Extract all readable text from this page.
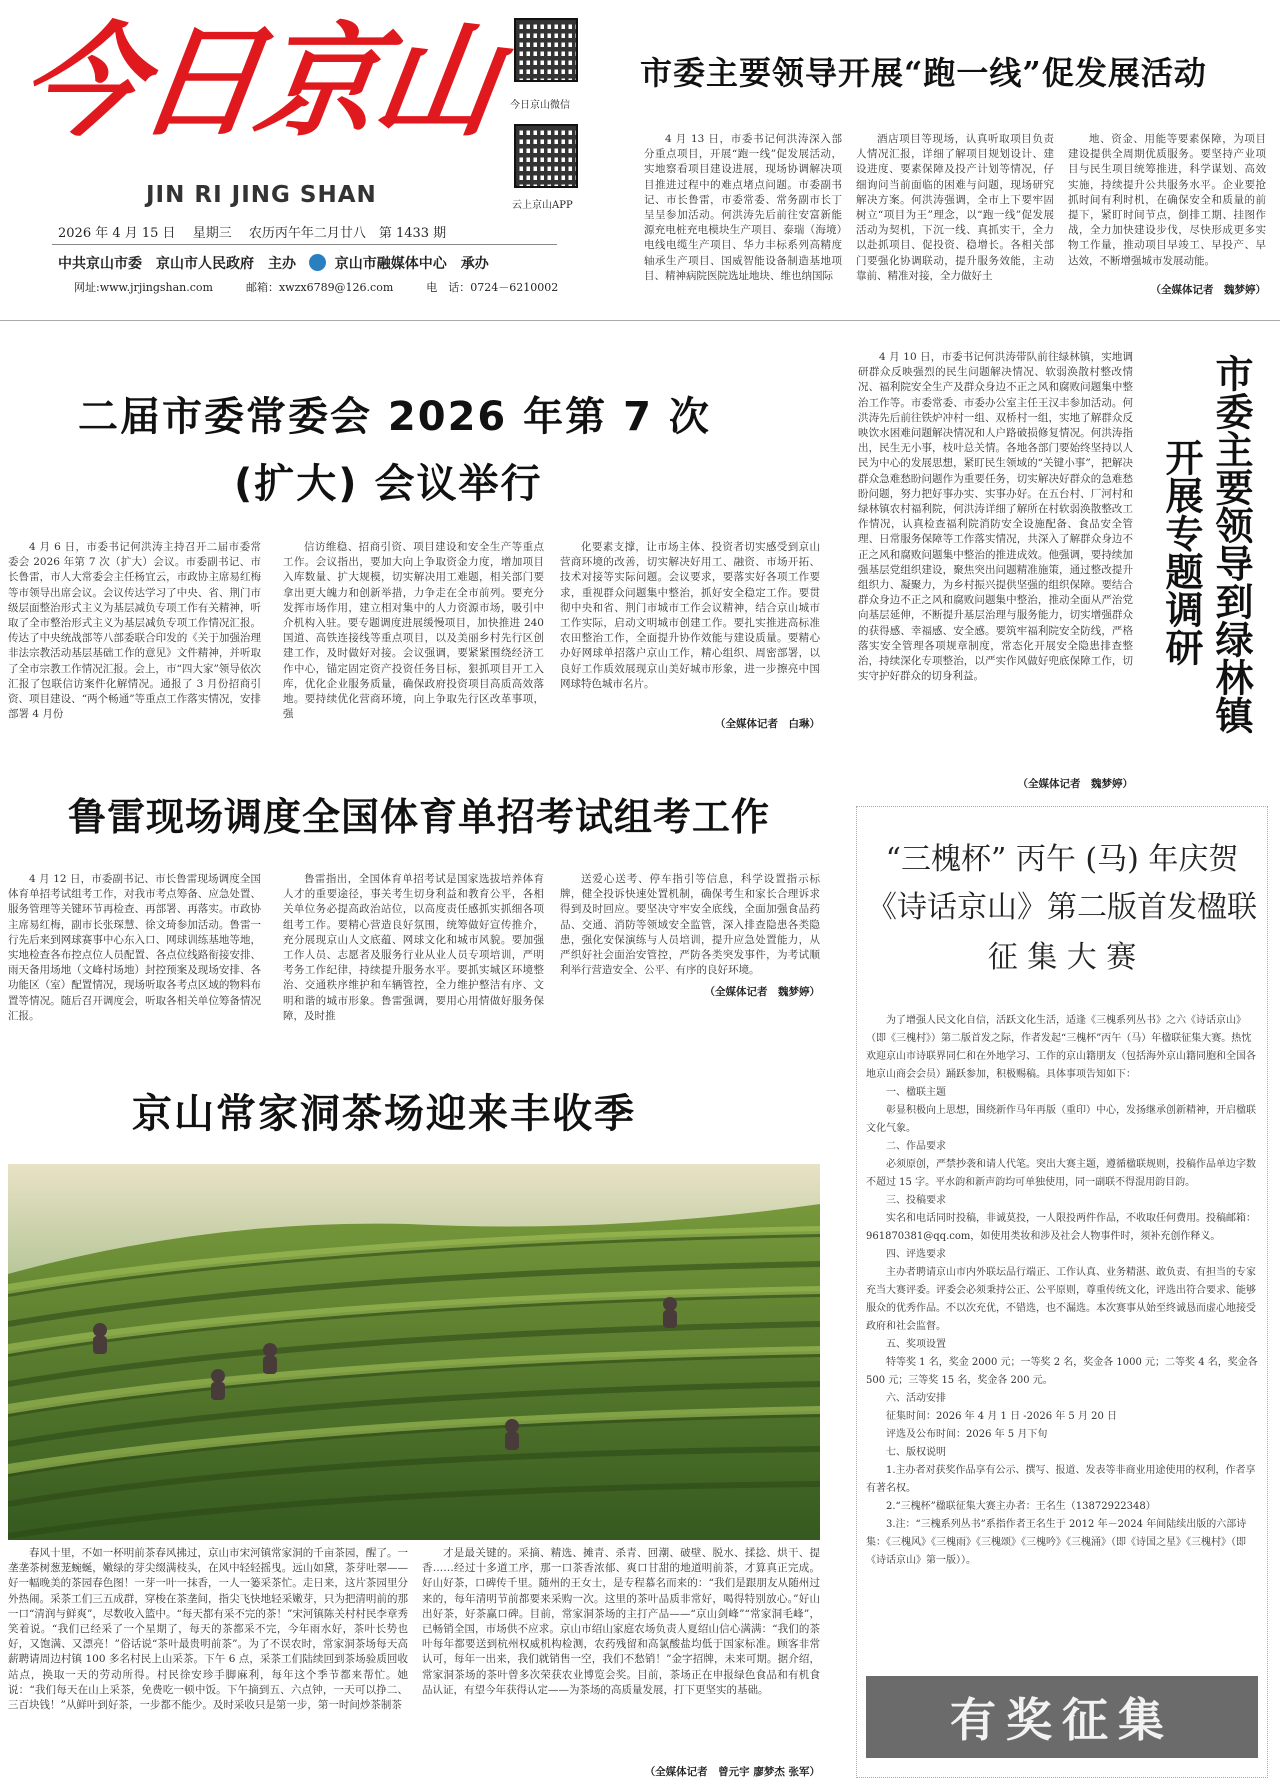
今日京山
JIN RI JING SHAN
2026 年 4 月 15 日　 星期三　 农历丙午年二月廿八　第 1433 期
中共京山市委　京山市人民政府　主办	京山市融媒体中心　承办
网址:www.jrjingshan.com　　　邮箱：xwzx6789@126.com　　　电　话：0724－6210002
今日京山微信
云上京山APP
市委主要领导开展“跑一线”促发展活动

4 月 13 日，市委书记何洪涛深入部分重点项目，开展“跑一线”促发展活动，实地察看项目建设进展，现场协调解决项目推进过程中的难点堵点问题。市委副书记、市长鲁雷，市委常委、常务副市长丁呈呈参加活动。何洪涛先后前往安富新能源充电桩充电模块生产项目、泰瑞（海境）电线电缆生产项目、华力丰标系列高精度轴承生产项目、国威智能设备制造基地项目、精神病院医院选址地块、维也纳国际

酒店项目等现场，认真听取项目负责人情况汇报，详细了解项目规划设计、建设进度、要素保障及投产计划等情况，仔细询问当前面临的困难与问题，现场研究解决方案。何洪涛强调，全市上下要牢固树立“项目为王”理念，以“跑一线”促发展活动为契机，下沉一线、真抓实干，全力以赴抓项目、促投资、稳增长。各相关部门要强化协调联动，提升服务效能，主动靠前、精准对接，全力做好土

地、资金、用能等要素保障，为项目建设提供全周期优质服务。要坚持产业项目与民生项目统筹推进，科学谋划、高效实施，持续提升公共服务水平。企业要抢抓时间有利时机，在确保安全和质量的前提下，紧盯时间节点，倒排工期、挂图作战，全力加快建设步伐，尽快形成更多实物工作量，推动项目早竣工、早投产、早达效，不断增强城市发展动能。

（全媒体记者　魏梦婷）
二届市委常委会 2026 年第 7 次
(扩大) 会议举行

4 月 6 日，市委书记何洪涛主持召开二届市委常委会 2026 年第 7 次（扩大）会议。市委副书记、市长鲁雷，市人大常委会主任杨宜云，市政协主席易红梅等市领导出席会议。会议传达学习了中央、省、荆门市级层面整治形式主义为基层减负专项工作有关精神，听取了全市整治形式主义为基层减负专项工作情况汇报。传达了中央统战部等八部委联合印发的《关于加强治理非法宗教活动基层基础工作的意见》文件精神，并听取了全市宗教工作情况汇报。会上，市“四大家”领导依次汇报了包联信访案件化解情况。通报了 3 月份招商引资、项目建设、“两个畅通”等重点工作落实情况，安排部署 4 月份

信访维稳、招商引资、项目建设和安全生产等重点工作。会议指出，要加大向上争取资金力度，增加项目入库数量、扩大规模，切实解决用工难题，相关部门要拿出更大魄力和创新举措，力争走在全市前列。要充分发挥市场作用，建立相对集中的人力资源市场，吸引中介机构入驻。要专题调度进展缓慢项目，加快推进 240 国道、高铁连接线等重点项目，以及美丽乡村先行区创建工作，及时做好对接。会议强调，要紧紧围绕经济工作中心，锚定固定资产投资任务目标，狠抓项目开工入库，优化企业服务质量，确保政府投资项目高质高效落地。要持续优化营商环境，向上争取先行区改革事项，强

化要素支撑，让市场主体、投资者切实感受到京山营商环境的改善，切实解决好用工、融资、市场开拓、技术对接等实际问题。会议要求，要落实好各项工作要求，重视群众问题集中整治，抓好安全稳定工作。要贯彻中央和省、荆门市城市工作会议精神，结合京山城市工作实际，启动文明城市创建工作。要扎实推进高标准农田整治工作，全面提升协作效能与建设质量。要精心办好网球单招落户京山工作，精心组织、周密部署，以良好工作质效展现京山美好城市形象，进一步擦亮中国网球特色城市名片。

（全媒体记者　白琳）

4 月 10 日，市委书记何洪涛带队前往绿林镇，实地调研群众反映强烈的民生问题解决情况、软弱涣散村整改情况、福利院安全生产及群众身边不正之风和腐败问题集中整治工作等。市委常委、市委办公室主任王汉丰参加活动。何洪涛先后前往铁炉冲村一组、双桥村一组，实地了解群众反映饮水困难问题解决情况和人户路破损修复情况。何洪涛指出，民生无小事，枝叶总关情。各地各部门要始终坚持以人民为中心的发展思想，紧盯民生领域的“关键小事”，把解决群众急难愁盼问题作为重要任务，切实解决好群众的急难愁盼问题，努力把好事办实、实事办好。在五台村、厂河村和绿林镇农村福利院，何洪涛详细了解所在村软弱涣散整改工作情况，认真检查福利院消防安全设施配备、食品安全管理、日常服务保障等工作落实情况，共深入了解群众身边不正之风和腐败问题集中整治的推进成效。他强调，要持续加强基层党组织建设，聚焦突出问题精准施策，通过整改提升组织力、凝聚力，为乡村振兴提供坚强的组织保障。要结合群众身边不正之风和腐败问题集中整治，推动全面从严治党向基层延伸，不断提升基层治理与服务能力，切实增强群众的获得感、幸福感、安全感。要筑牢福利院安全防线，严格落实安全管理各项规章制度，常态化开展安全隐患排查整治，持续深化专项整治，以严实作风做好兜底保障工作，切实守护好群众的切身利益。

（全媒体记者　魏梦婷）
市委主要领导到绿林镇
开展专题调研
鲁雷现场调度全国体育单招考试组考工作

4 月 12 日，市委副书记、市长鲁雷现场调度全国体育单招考试组考工作，对我市考点筹备、应急处置、服务管理等关键环节再检查、再部署、再落实。市政协主席易红梅，副市长张琛慧、徐文琦参加活动。鲁雷一行先后来到网球赛事中心东入口、网球训练基地等地，实地检查各布控点位人员配置、各点位线路衔接安排、雨天备用场地（文峰村场地）封控预案及现场安排、各功能区（室）配置情况，现场听取各考点区域的物料布置等情况。随后召开调度会，听取各相关单位筹备情况汇报。

鲁雷指出，全国体育单招考试是国家选拔培养体育人才的重要途径，事关考生切身利益和教育公平，各相关单位务必提高政治站位，以高度责任感抓实抓细各项组考工作。要精心营造良好氛围，统筹做好宣传推介，充分展现京山人文底蕴、网球文化和城市风貌。要加强工作人员、志愿者及服务行业从业人员专项培训，严明考务工作纪律，持续提升服务水平。要抓实城区环境整治、交通秩序维护和车辆管控，全力维护整洁有序、文明和谐的城市形象。鲁雷强调，要用心用情做好服务保障，及时推

送爱心送考、停车指引等信息，科学设置指示标牌，健全投诉快速处置机制，确保考生和家长合理诉求得到及时回应。要坚决守牢安全底线，全面加强食品药品、交通、消防等领域安全监管，深入排查隐患各类隐患，强化安保演练与人员培训，提升应急处置能力，从严织好社会面治安管控，严防各类突发事件，为考试顺利举行营造安全、公平、有序的良好环境。

（全媒体记者　魏梦婷）
京山常家洞茶场迎来丰收季

春风十里，不如一杯明前茶春风拂过，京山市宋河镇常家洞的千亩茶园，醒了。一垄垄茶树葱茏蜿蜒，嫩绿的芽尖缀满枝头，在风中轻轻摇曳。远山如黛，茶芽吐翠——好一幅晚美的茶园春色图！一芽一叶一抹香，一人一篓采茶忙。走日来，这片茶园里分外热闹。采茶工们三五成群，穿梭在茶垄间，指尖飞快地轻采嫩芽，只为把清明前的那一口“清润与鲜爽”，尽数收入篮中。“每天都有采不完的茶！”宋河镇陈关村村民李章秀笑着说。“我们已经采了一个星期了，每天的茶都采不完，今年雨水好，茶叶长势也好，又饱满、又漂亮！”俗话说“茶叶最贵明前茶”。为了不误农时，常家洞茶场每天高薪聘请周边村镇 100 多名村民上山采茶。下午 6 点，采茶工们陆续回到茶场验质回收站点，换取一天的劳动所得。村民徐安珍手脚麻利，每年这个季节都来帮忙。她说：“我们每天在山上采茶，免费吃一顿中饭。下午摘到五、六点钟，一天可以挣二、三百块钱！”从鲜叶到好茶，一步都不能少。及时采收只是第一步，第一时间炒茶制茶

才是最关键的。采摘、精选、摊青、杀青、回潮、破壁、脱水、揉捻、烘干、提香……经过十多道工序，那一口茶香浓郁、爽口甘甜的地道明前茶，才算真正完成。好山好茶，口碑传千里。随州的王女士，是专程慕名而来的：“我们是跟朋友从随州过来的，每年清明节前都要来采购一次。这里的茶叶品质非常好，喝得特别放心。”好山出好茶，好茶赢口碑。目前，常家洞茶场的主打产品——“京山剑峰”“常家洞毛峰”，已畅销全国，市场供不应求。京山市绍山家庭农场负责人夏绍山信心满满：“我们的茶叶每年都要送到杭州权威机构检测，农药残留和高氯酸盐均低于国家标准。顾客非常认可，每年一出来，我们就销售一空，我们不愁销！”金字招牌，未来可期。据介绍，常家洞茶场的茶叶曾多次荣获农业博览会奖。目前，茶场正在申报绿色食品和有机食品认证，有望今年获得认定——为茶场的高质量发展，打下更坚实的基础。

（全媒体记者　曾元宇 廖梦杰 张军）
“三槐杯” 丙午 (马) 年庆贺
《诗话京山》第二版首发楹联
征 集 大 赛

为了增强人民文化自信，活跃文化生活，适逢《三槐系列丛书》之六《诗话京山》（即《三槐村》）第二版首发之际，作者发起“三槐杯”丙午（马）年楹联征集大赛。热忱欢迎京山市诗联界同仁和在外地学习、工作的京山籍朋友（包括海外京山籍同胞和全国各地京山商会会员）踊跃参加，积极赐稿。具体事项告知如下：

一、楹联主题

彰显积极向上思想，围绕新作马年再版（重印）中心，发扬继承创新精神，开启楹联文化气象。

二、作品要求

必须原创，严禁抄袭和请人代笔。突出大赛主题，遵循楹联规则，投稿作品单边字数不超过 15 字。平水韵和新声韵均可单独使用，同一副联不得混用韵目韵。

三、投稿要求

实名和电话同时投稿，非诚莫投，一人限投两件作品，不收取任何费用。投稿邮箱：961870381@qq.com，如使用类妆和涉及社会人物事件时，须补充创作释义。

四、评选要求

主办者聘请京山市内外联坛品行端正、工作认真、业务精湛、敢负责、有担当的专家充当大赛评委。评委会必须秉持公正、公平原则，尊重传统文化，评选出符合要求、能够服众的优秀作品。不以次充优，不错选，也不漏选。本次赛事从始至终诚恳而虚心地接受政府和社会监督。

五、奖项设置

特等奖 1 名，奖金 2000 元；一等奖 2 名，奖金各 1000 元；二等奖 4 名，奖金各 500 元；三等奖 15 名，奖金各 200 元。

六、活动安排

征集时间：2026 年 4 月 1 日 -2026 年 5 月 20 日

评选及公布时间：2026 年 5 月下旬

七、版权说明

1.主办者对获奖作品享有公示、撰写、报道、发表等非商业用途使用的权利，作者享有著名权。

2.“三槐杯”楹联征集大赛主办者：王名生（13872922348）

3.注：“三槐系列丛书”系指作者王名生于 2012 年－2024 年间陆续出版的六部诗集：《三槐风》《三槐雨》《三槐颂》《三槐吟》《三槐涌》（即《诗国之星》《三槐村》（即《诗话京山》第一版））。

有奖征集
